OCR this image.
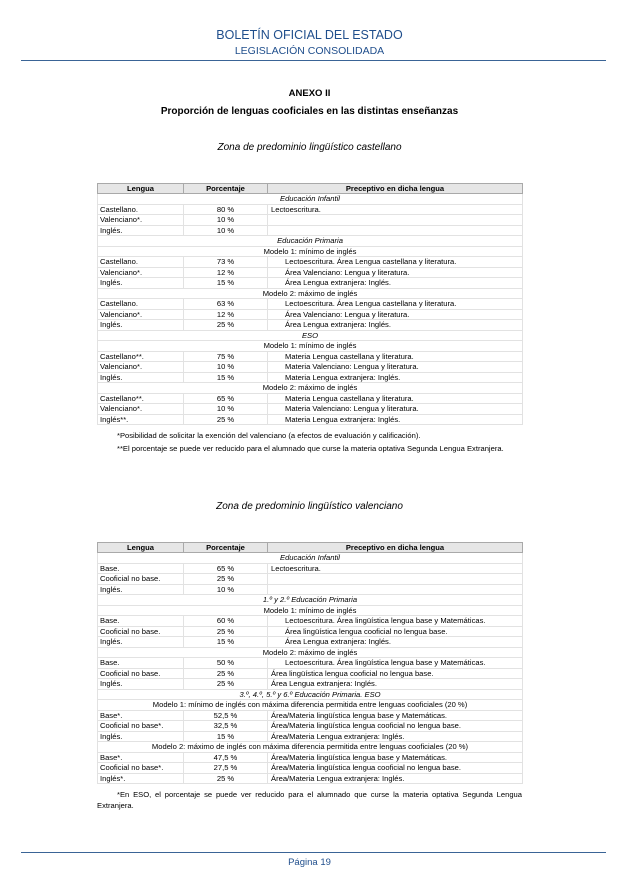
BOLETÍN OFICIAL DEL ESTADO
LEGISLACIÓN CONSOLIDADA
ANEXO II
Proporción de lenguas cooficiales en las distintas enseñanzas
Zona de predominio lingüístico castellano
Lengua	Porcentaje	Preceptivo en dicha lengua
Educación Infantil		
Castellano.	80 %	Lectoescritura.
Valenciano*.	10 %	
Inglés.	10 %	
Educación Primaria		
Modelo 1: mínimo de inglés		
Castellano.	73 %	Lectoescritura. Área Lengua castellana y literatura.
Valenciano*.	12 %	Área Valenciano: Lengua y literatura.
Inglés.	15 %	Área Lengua extranjera: Inglés.
Modelo 2: máximo de inglés		
Castellano.	63 %	Lectoescritura. Área Lengua castellana y literatura.
Valenciano*.	12 %	Área Valenciano: Lengua y literatura.
Inglés.	25 %	Área Lengua extranjera: Inglés.
ESO		
Modelo 1: mínimo de inglés		
Castellano**.	75 %	Materia Lengua castellana y literatura.
Valenciano*.	10 %	Materia Valenciano: Lengua y literatura.
Inglés.	15 %	Materia Lengua extranjera: Inglés.
Modelo 2: máximo de inglés		
Castellano**.	65 %	Materia Lengua castellana y literatura.
Valenciano*.	10 %	Materia Valenciano: Lengua y literatura.
Inglés**.	25 %	Materia Lengua extranjera: Inglés.
*Posibilidad de solicitar la exención del valenciano (a efectos de evaluación y calificación).
**El porcentaje se puede ver reducido para el alumnado que curse la materia optativa Segunda Lengua Extranjera.
Zona de predominio lingüístico valenciano
Lengua	Porcentaje	Preceptivo en dicha lengua
Educación Infantil		
Base.	65 %	Lectoescritura.
Cooficial no base.	25 %	
Inglés.	10 %	
1.º y 2.º Educación Primaria		
Modelo 1: mínimo de inglés		
Base.	60 %	Lectoescritura. Área lingüística lengua base y Matemáticas.
Cooficial no base.	25 %	Área lingüística lengua cooficial no lengua base.
Inglés.	15 %	Área Lengua extranjera: Inglés.
Modelo 2: máximo de inglés		
Base.	50 %	Lectoescritura. Área lingüística lengua base y Matemáticas.
Cooficial no base.	25 %	Área lingüística lengua cooficial no lengua base.
Inglés.	25 %	Área Lengua extranjera: Inglés.
3.º, 4.º, 5.º y 6.º Educación Primaria. ESO		
Modelo 1: mínimo de inglés con máxima diferencia permitida entre lenguas cooficiales (20 %)		
Base*.	52,5 %	Área/Materia lingüística lengua base y Matemáticas.
Cooficial no base*.	32,5 %	Área/Materia lingüística lengua cooficial no lengua base.
Inglés.	15 %	Área/Materia Lengua extranjera: Inglés.
Modelo 2: máximo de inglés con máxima diferencia permitida entre lenguas cooficiales (20 %)		
Base*.	47,5 %	Área/Materia lingüística lengua base y Matemáticas.
Cooficial no base*.	27,5 %	Área/Materia lingüística lengua cooficial no lengua base.
Inglés*.	25 %	Área/Materia Lengua extranjera: Inglés.
*En ESO, el porcentaje se puede ver reducido para el alumnado que curse la materia optativa Segunda Lengua Extranjera.
Página 19
